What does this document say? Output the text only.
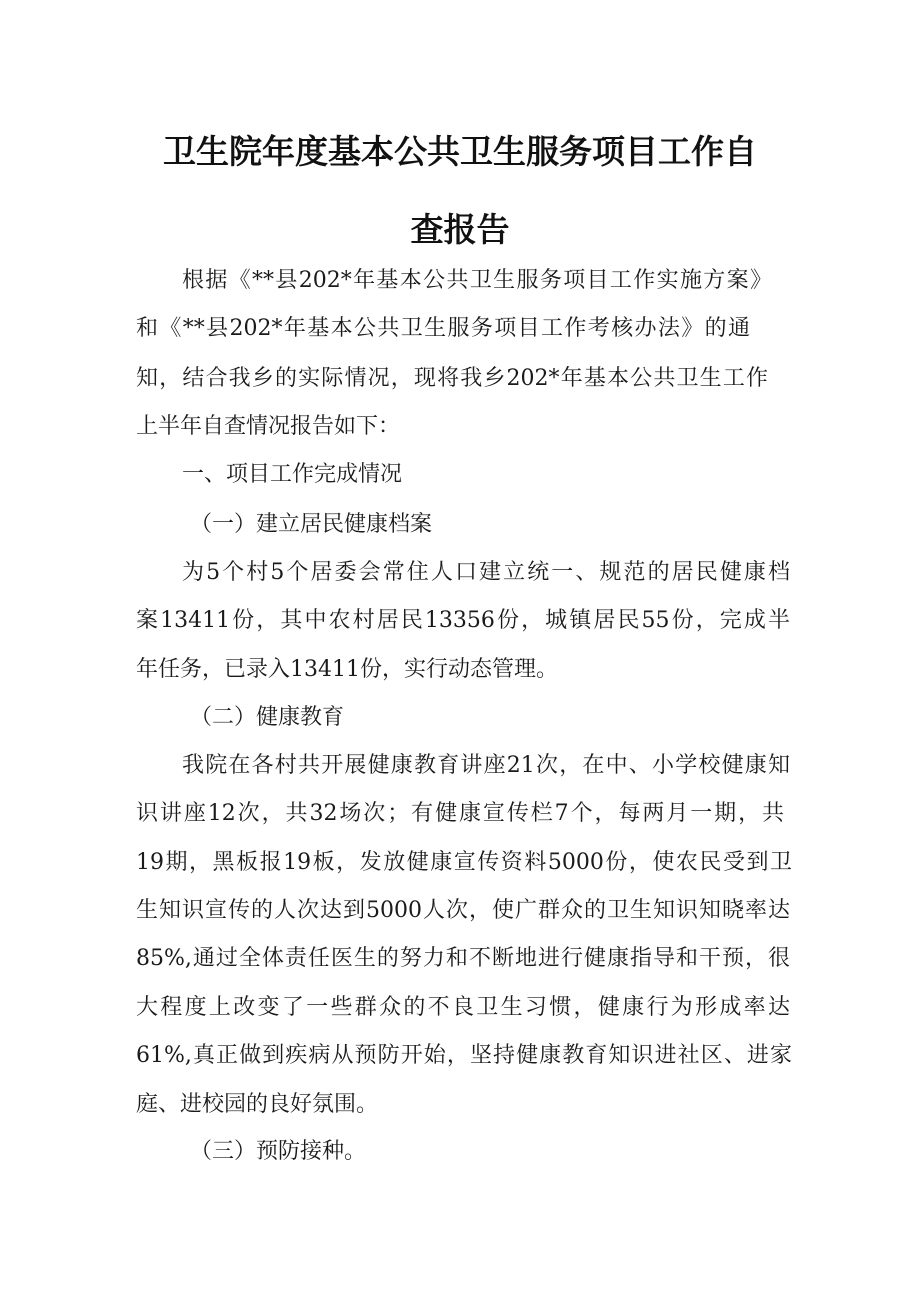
卫生院年度基本公共卫生服务项目工作自
查报告

根据《**县202*年基本公共卫生服务项目工作实施方案》

和《**县202*年基本公共卫生服务项目工作考核办法》的通

知，结合我乡的实际情况，现将我乡202*年基本公共卫生工作

上半年自查情况报告如下：

一、项目工作完成情况

（一）建立居民健康档案

为5个村5个居委会常住人口建立统一、规范的居民健康档

案13411份，其中农村居民13356份，城镇居民55份，完成半

年任务，已录入13411份，实行动态管理。

（二）健康教育

我院在各村共开展健康教育讲座21次，在中、小学校健康知

识讲座12次，共32场次；有健康宣传栏7个，每两月一期，共

19期，黑板报19板，发放健康宣传资料5000份，使农民受到卫

生知识宣传的人次达到5000人次，使广群众的卫生知识知晓率达

85%,通过全体责任医生的努力和不断地进行健康指导和干预，很

大程度上改变了一些群众的不良卫生习惯，健康行为形成率达

61%,真正做到疾病从预防开始，坚持健康教育知识进社区、进家

庭、进校园的良好氛围。

（三）预防接种。
